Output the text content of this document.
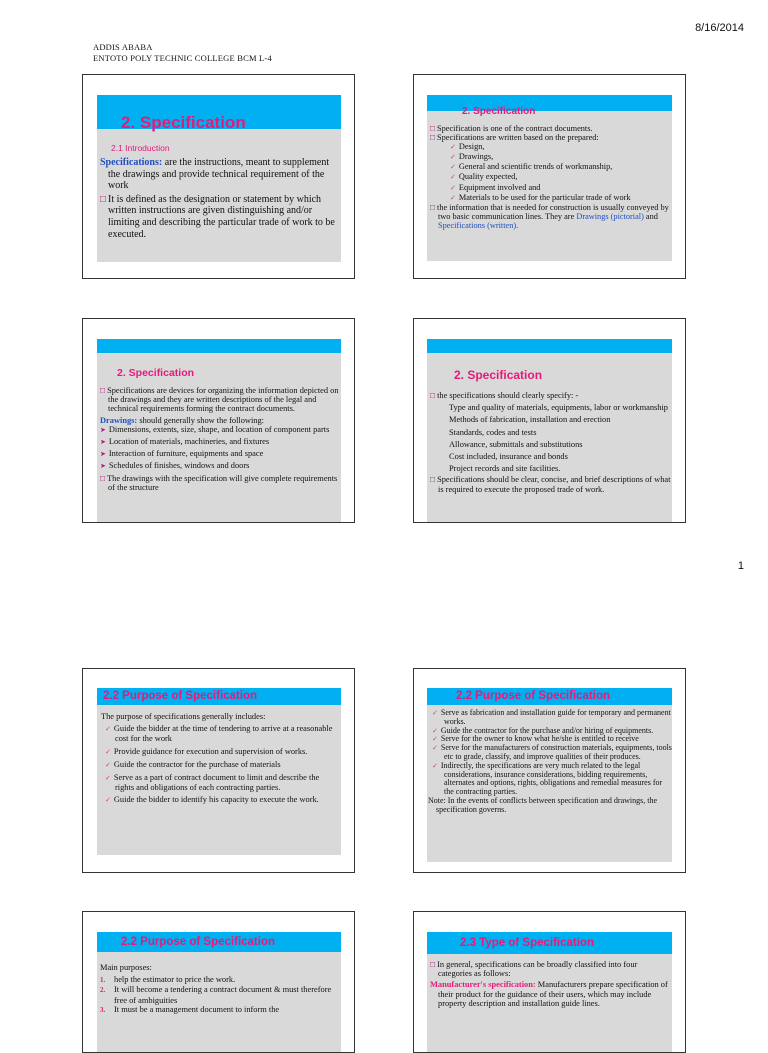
8/16/2014
ADDIS ABABA
ENTOTO POLY TECHNIC COLLEGE BCM L-4
2. Specification
2.1 Introduction

Specifications: are the instructions, meant to supplement the drawings and provide technical requirement of the work

□ It is defined as the designation or statement by which written instructions are given distinguishing and/or limiting and describing the particular trade of work to be executed.

2. Specification

□ Specification is one of the contract documents.

□ Specifications are written based on the prepared:

✓ Design,
✓ Drawings,
✓ General and scientific trends of workmanship,
✓ Quality expected,
✓ Equipment involved and
✓ Materials to be used for the particular trade of work

□ the information that is needed for construction is usually conveyed by two basic communication lines. They are Drawings (pictorial) and Specifications (written).

2. Specification

□ Specifications are devices for organizing the information depicted on the drawings and they are written descriptions of the legal and technical requirements forming the contract documents.

Drawings: should generally show the following:

➤ Dimensions, extents, size, shape, and location of component parts
➤ Location of materials, machineries, and fixtures
➤ Interaction of furniture, equipments and space
➤ Schedules of finishes, windows and doors

□ The drawings with the specification will give complete requirements of the structure

2. Specification

□ the specifications should clearly specify: -

Type and quality of materials, equipments, labor or workmanship

Methods of fabrication, installation and erection

Standards, codes and tests

Allowance, submittals and substitutions

Cost included, insurance and bonds

Project records and site facilities.

□ Specifications should be clear, concise, and brief descriptions of what is required to execute the proposed trade of work.

1
2.2 Purpose of Specification

The purpose of specifications generally includes:

✓ Guide the bidder at the time of tendering to arrive at a reasonable cost for the work
✓ Provide guidance for execution and supervision of works.
✓ Guide the contractor for the purchase of materials
✓ Serve as a part of contract document to limit and describe the rights and obligations of each contracting parties.
✓ Guide the bidder to identify his capacity to execute the work.
2.2 Purpose of Specification
✓ Serve as fabrication and installation guide for temporary and permanent works.
✓ Guide the contractor for the purchase and/or hiring of equipments.
✓ Serve for the owner to know what he/she is entitled to receive
✓ Serve for the manufacturers of construction materials, equipments, tools etc to grade, classify, and improve qualities of their produces.
✓ Indirectly, the specifications are very much related to the legal considerations, insurance considerations, bidding requirements, alternates and options, rights, obligations and remedial measures for the contracting parties.

Note: In the events of conflicts between specification and drawings, the specification governs.

2.2 Purpose of Specification

Main purposes:

1. help the estimator to price the work.

2. It will become a tendering a contract document & must therefore free of ambiguities

3. It must be a management document to inform the

2.3 Type of Specification

□ In general, specifications can be broadly classified into four categories as follows:

Manufacturer's specification: Manufacturers prepare specification of their product for the guidance of their users, which may include property description and installation guide lines.
